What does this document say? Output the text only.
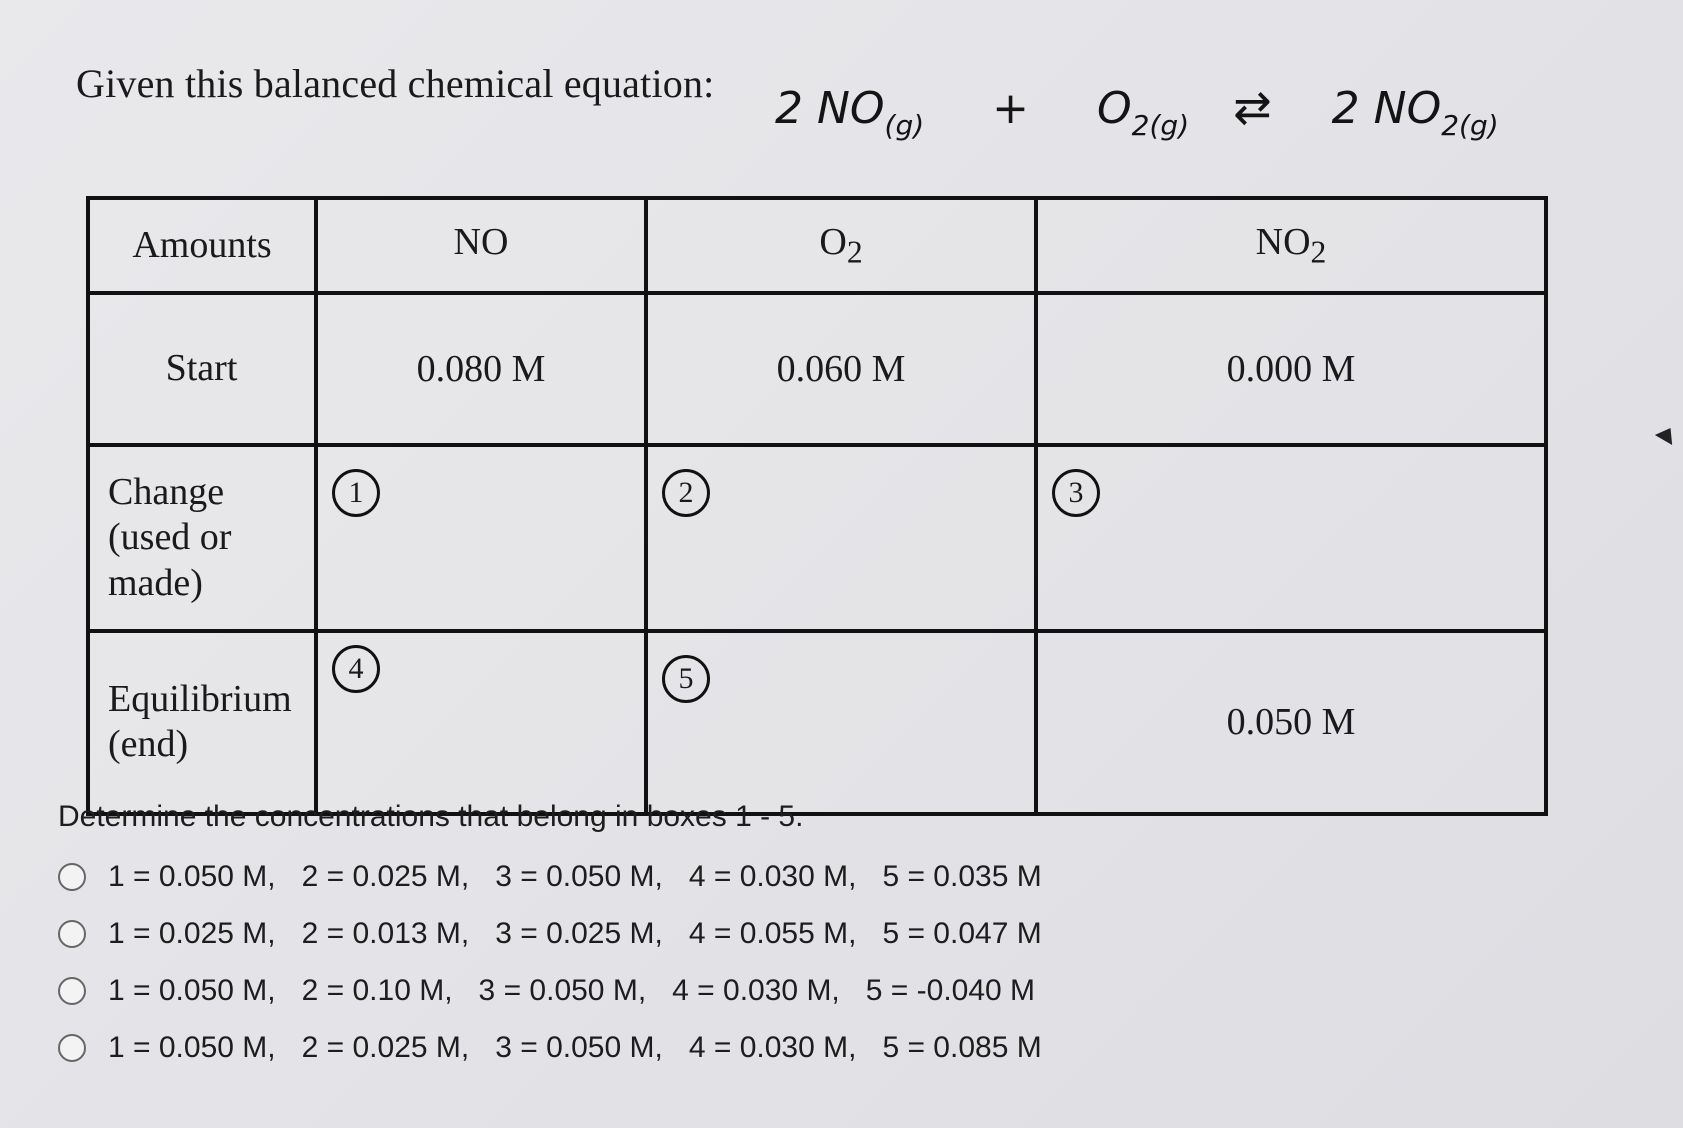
Given this balanced chemical equation: 2 $NO_{(g)} + O_{2(g)}$ ⇄ 2 $NO_{2(g)}$
Amounts	NO	$O_2$	$NO_2$
Start	0.080 M	0.060 M	0.000 M
Change (used or made)	1	2	3

Equilibrium (end)	4	5	0.050 M
Determine the concentrations that belong in boxes 1 - 5.
1 = 0.050 M, 2 = 0.025 M, 3 = 0.050 M, 4 = 0.030 M, 5 = 0.035 M
1 = 0.025 M, 2 = 0.013 M, 3 = 0.025 M, 4 = 0.055 M, 5 = 0.047 M
1 = 0.050 M, 2 = 0.10 M, 3 = 0.050 M, 4 = 0.030 M, 5 = -0.040 M
1 = 0.050 M, 2 = 0.025 M, 3 = 0.050 M, 4 = 0.030 M, 5 = 0.085 M
